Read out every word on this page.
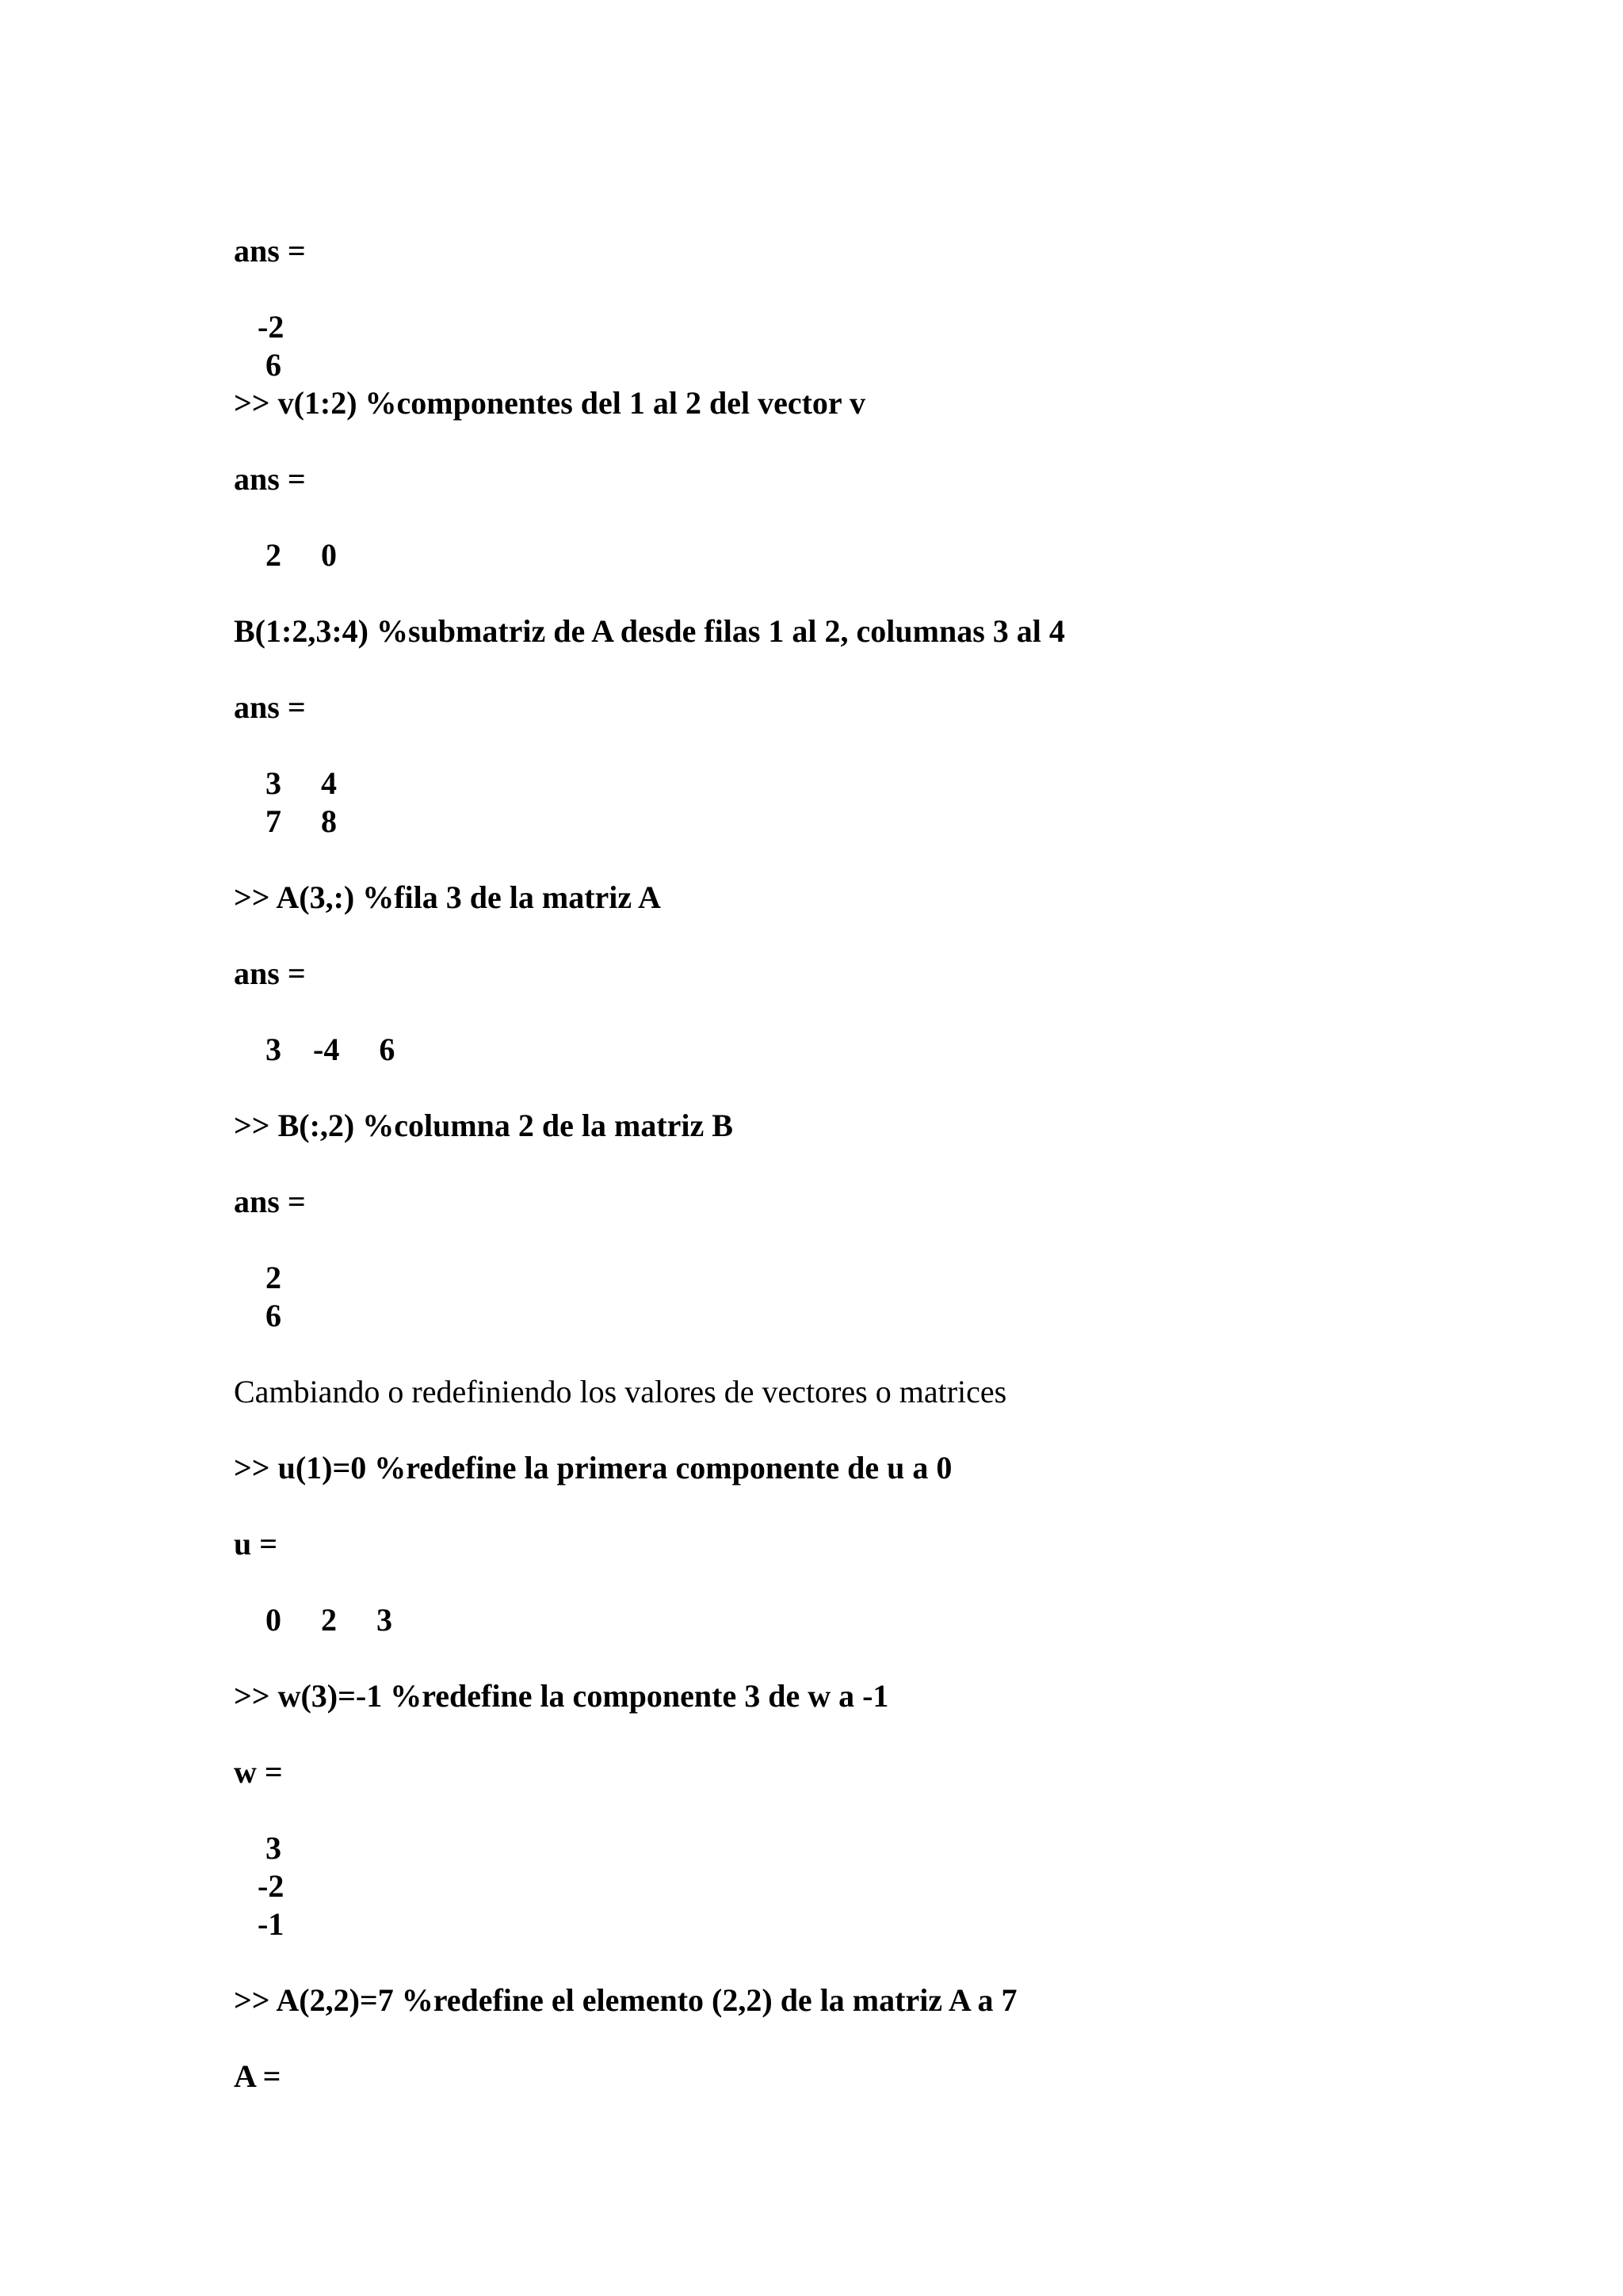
ans =
-2
6
>> v(1:2) %componentes del 1 al 2 del vector v
ans =
2     0
B(1:2,3:4) %submatriz de A desde filas 1 al 2, columnas 3 al 4
ans =
3     4
7     8
>> A(3,:) %fila 3 de la matriz A
ans =
3    -4     6
>> B(:,2) %columna 2 de la matriz B
ans =
2
6
Cambiando o redefiniendo los valores de vectores o matrices
>> u(1)=0 %redefine la primera componente de u a 0
u =
0     2     3
>> w(3)=-1 %redefine la componente 3 de w a -1
w =
3
-2
-1
>> A(2,2)=7 %redefine el elemento (2,2) de la matriz A a 7
A =
